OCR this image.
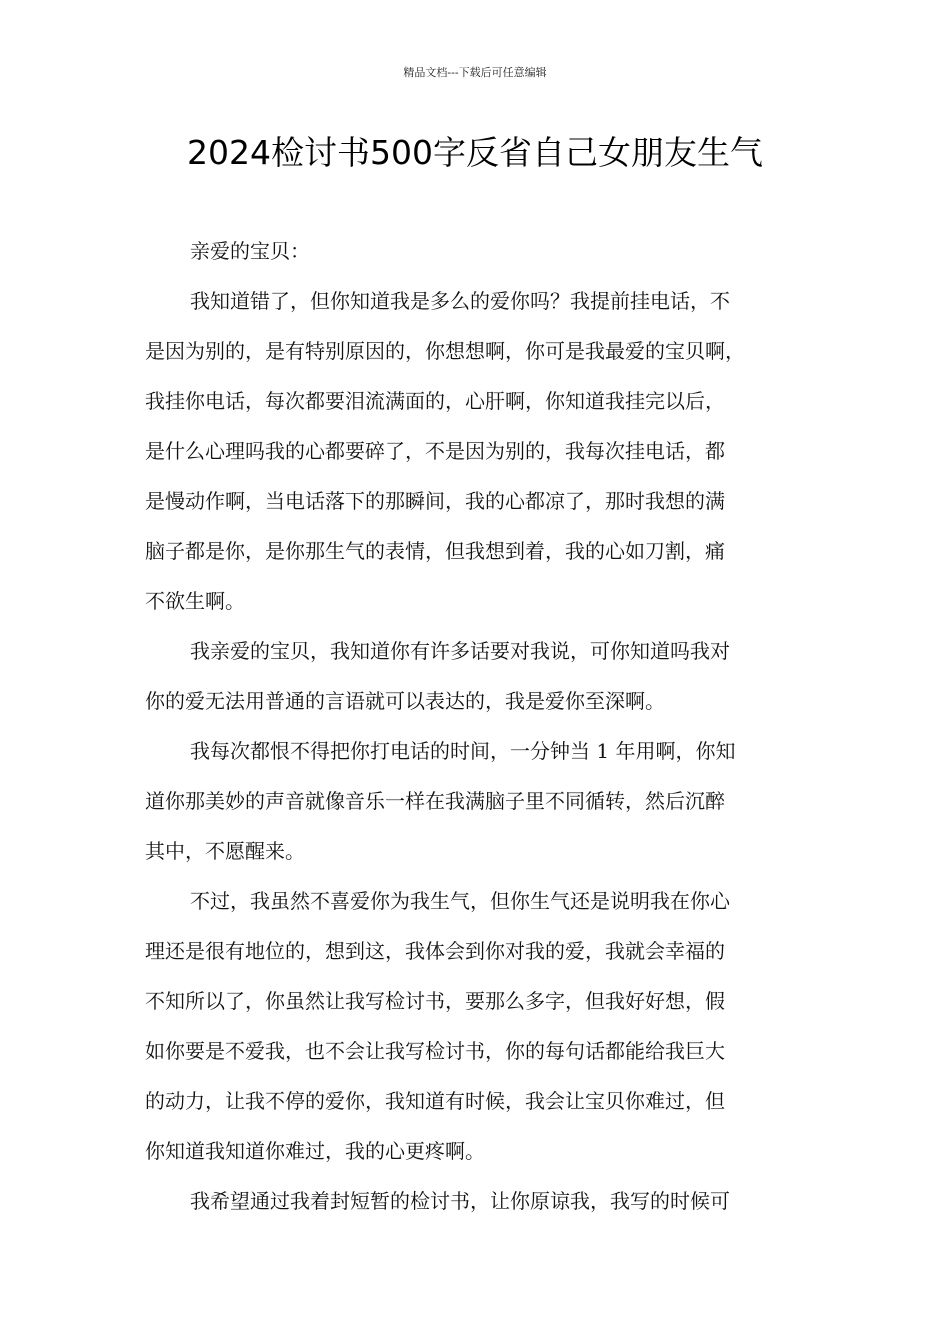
精品文档---下载后可任意编辑
2024检讨书500字反省自己女朋友生气
亲爱的宝贝：
我知道错了，但你知道我是多么的爱你吗？我提前挂电话，不
是因为别的，是有特别原因的，你想想啊，你可是我最爱的宝贝啊，
我挂你电话，每次都要泪流满面的，心肝啊，你知道我挂完以后，
是什么心理吗我的心都要碎了，不是因为别的，我每次挂电话，都
是慢动作啊，当电话落下的那瞬间，我的心都凉了，那时我想的满
脑子都是你，是你那生气的表情，但我想到着，我的心如刀割，痛
不欲生啊。
我亲爱的宝贝，我知道你有许多话要对我说，可你知道吗我对
你的爱无法用普通的言语就可以表达的，我是爱你至深啊。
我每次都恨不得把你打电话的时间，一分钟当 1 年用啊，你知
道你那美妙的声音就像音乐一样在我满脑子里不同循转，然后沉醉
其中，不愿醒来。
不过，我虽然不喜爱你为我生气，但你生气还是说明我在你心
理还是很有地位的，想到这，我体会到你对我的爱，我就会幸福的
不知所以了，你虽然让我写检讨书，要那么多字，但我好好想，假
如你要是不爱我，也不会让我写检讨书，你的每句话都能给我巨大
的动力，让我不停的爱你，我知道有时候，我会让宝贝你难过，但
你知道我知道你难过，我的心更疼啊。
我希望通过我着封短暂的检讨书，让你原谅我，我写的时候可
